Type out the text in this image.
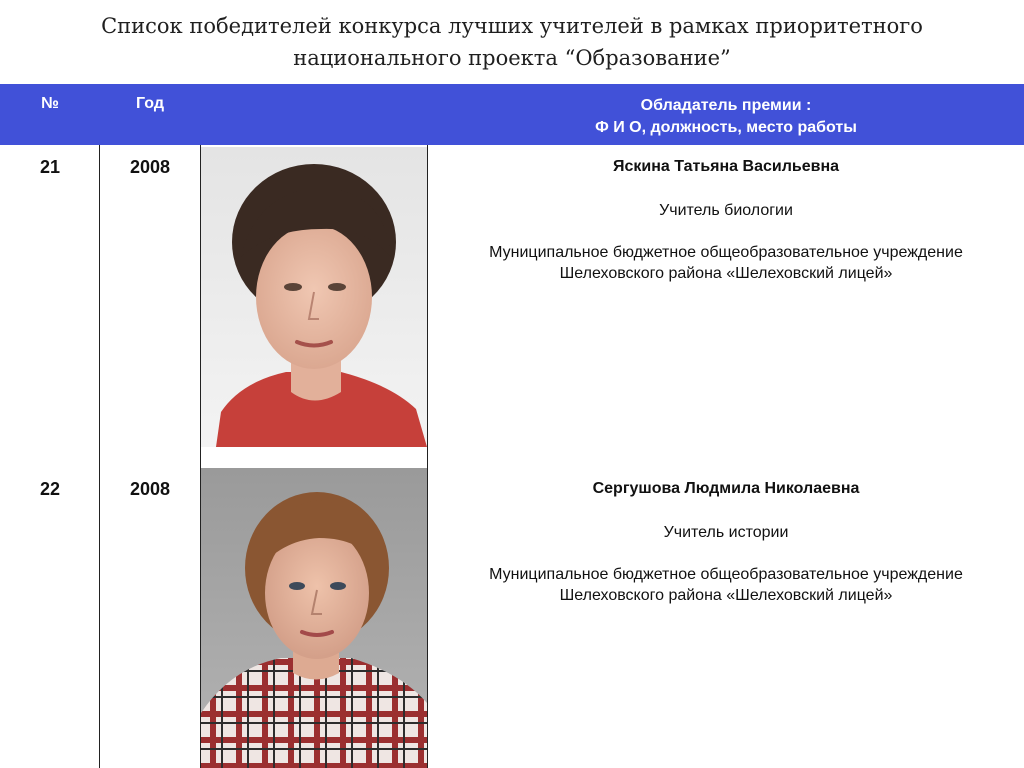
Список победителей конкурса лучших учителей в рамках приоритетного
национального проекта “Образование”
№	Год	Обладатель премии :
Ф И О, должность, место работы
21	2008	Яскина Татьяна Васильевна
Учитель биологии
Муниципальное бюджетное общеобразовательное учреждение
Шелеховского района «Шелеховский лицей»
22	2008	Сергушова Людмила Николаевна
Учитель истории
Муниципальное бюджетное общеобразовательное учреждение
Шелеховского района «Шелеховский лицей»
